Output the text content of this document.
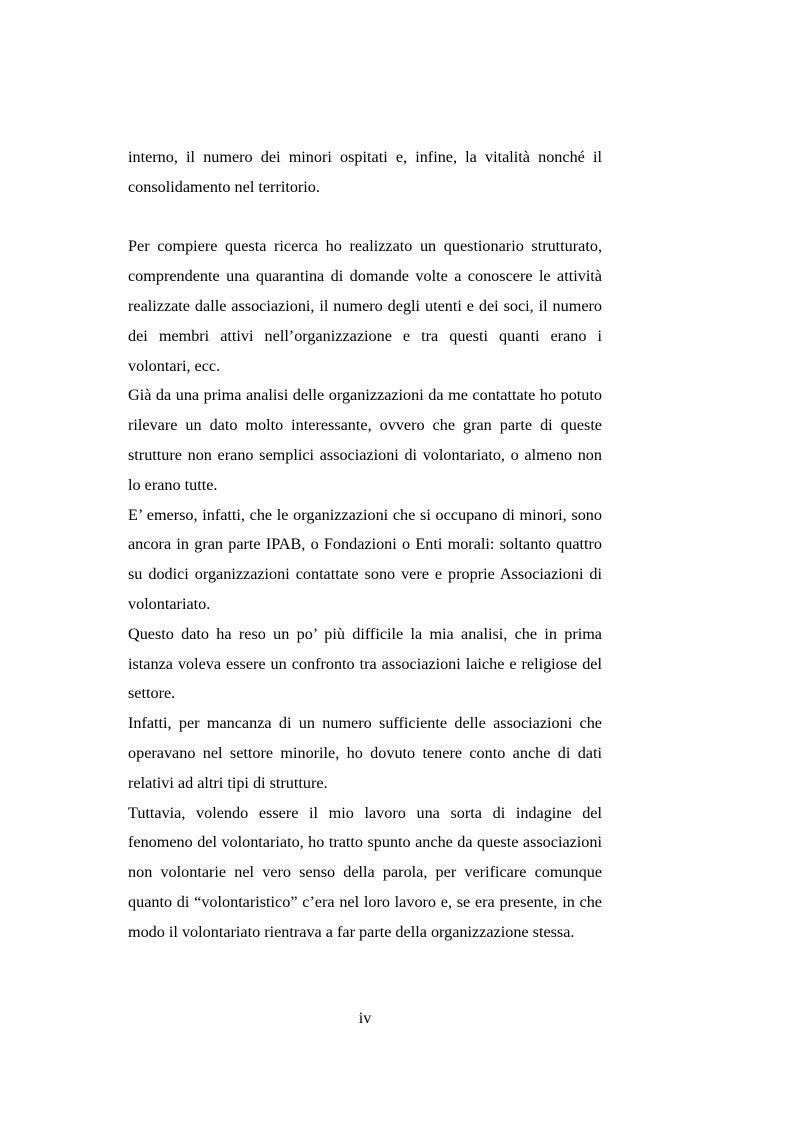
interno, il numero dei minori ospitati e, infine, la vitalità nonché il consolidamento nel territorio.

Per compiere questa ricerca ho realizzato un questionario strutturato, comprendente una quarantina di domande volte a conoscere le attività realizzate dalle associazioni, il numero degli utenti e dei soci, il numero dei membri attivi nell’organizzazione e tra questi quanti erano i volontari, ecc.

Già da una prima analisi delle organizzazioni da me contattate ho potuto rilevare un dato molto interessante, ovvero che gran parte di queste strutture non erano semplici associazioni di volontariato, o almeno non lo erano tutte.

E’ emerso, infatti, che le organizzazioni che si occupano di minori, sono ancora in gran parte IPAB, o Fondazioni o Enti morali: soltanto quattro su dodici organizzazioni contattate sono vere e proprie Associazioni di volontariato.

Questo dato ha reso un po’ più difficile la mia analisi, che in prima istanza voleva essere un confronto tra associazioni laiche e religiose del settore.

Infatti, per mancanza di un numero sufficiente delle associazioni che operavano nel settore minorile, ho dovuto tenere conto anche di dati relativi ad altri tipi di strutture.

Tuttavia, volendo essere il mio lavoro una sorta di indagine del fenomeno del volontariato, ho tratto spunto anche da queste associazioni non volontarie nel vero senso della parola, per verificare comunque quanto di “volontaristico” c’era nel loro lavoro e, se era presente, in che modo il volontariato rientrava a far parte della organizzazione stessa.

iv
